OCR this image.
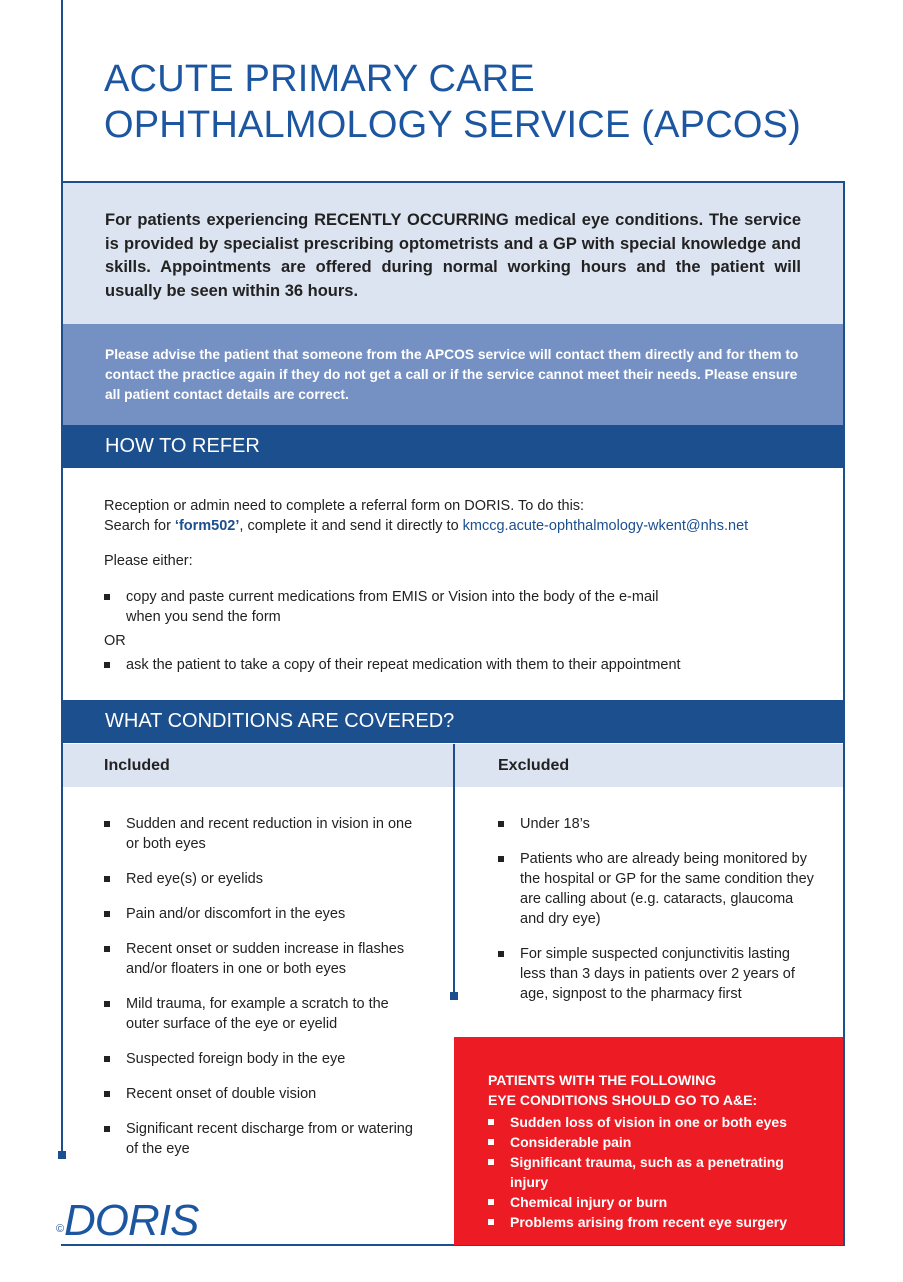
ACUTE PRIMARY CARE
OPHTHALMOLOGY SERVICE (APCOS)
For patients experiencing RECENTLY OCCURRING medical eye conditions. The service is provided by specialist prescribing optometrists and a GP with special knowledge and skills. Appointments are offered during normal working hours and the patient will usually be seen within 36 hours.
Please advise the patient that someone from the APCOS service will contact them directly and for them to contact the practice again if they do not get a call or if the service cannot meet their needs. Please ensure all patient contact details are correct.
HOW TO REFER

Reception or admin need to complete a referral form on DORIS. To do this:

Search for ‘form502’, complete it and send it directly to kmccg.acute-ophthalmology-wkent@nhs.net

Please either:

copy and paste current medications from EMIS or Vision into the body of the e-mail
when you send the form

OR

ask the patient to take a copy of their repeat medication with them to their appointment
WHAT CONDITIONS ARE COVERED?
Included	Excluded
Sudden and recent reduction in vision in one or both eyes
Red eye(s) or eyelids
Pain and/or discomfort in the eyes
Recent onset or sudden increase in flashes and/or floaters in one or both eyes
Mild trauma, for example a scratch to the outer surface of the eye or eyelid
Suspected foreign body in the eye
Recent onset of double vision
Significant recent discharge from or watering of the eye
Under 18’s
Patients who are already being monitored by the hospital or GP for the same condition they are calling about (e.g. cataracts, glaucoma and dry eye)
For simple suspected conjunctivitis lasting less than 3 days in patients over 2 years of age, signpost to the pharmacy first
PATIENTS WITH THE FOLLOWING
EYE CONDITIONS SHOULD GO TO A&E:
Sudden loss of vision in one or both eyes
Considerable pain
Significant trauma, such as a penetrating injury
Chemical injury or burn
Problems arising from recent eye surgery
© DORIS
